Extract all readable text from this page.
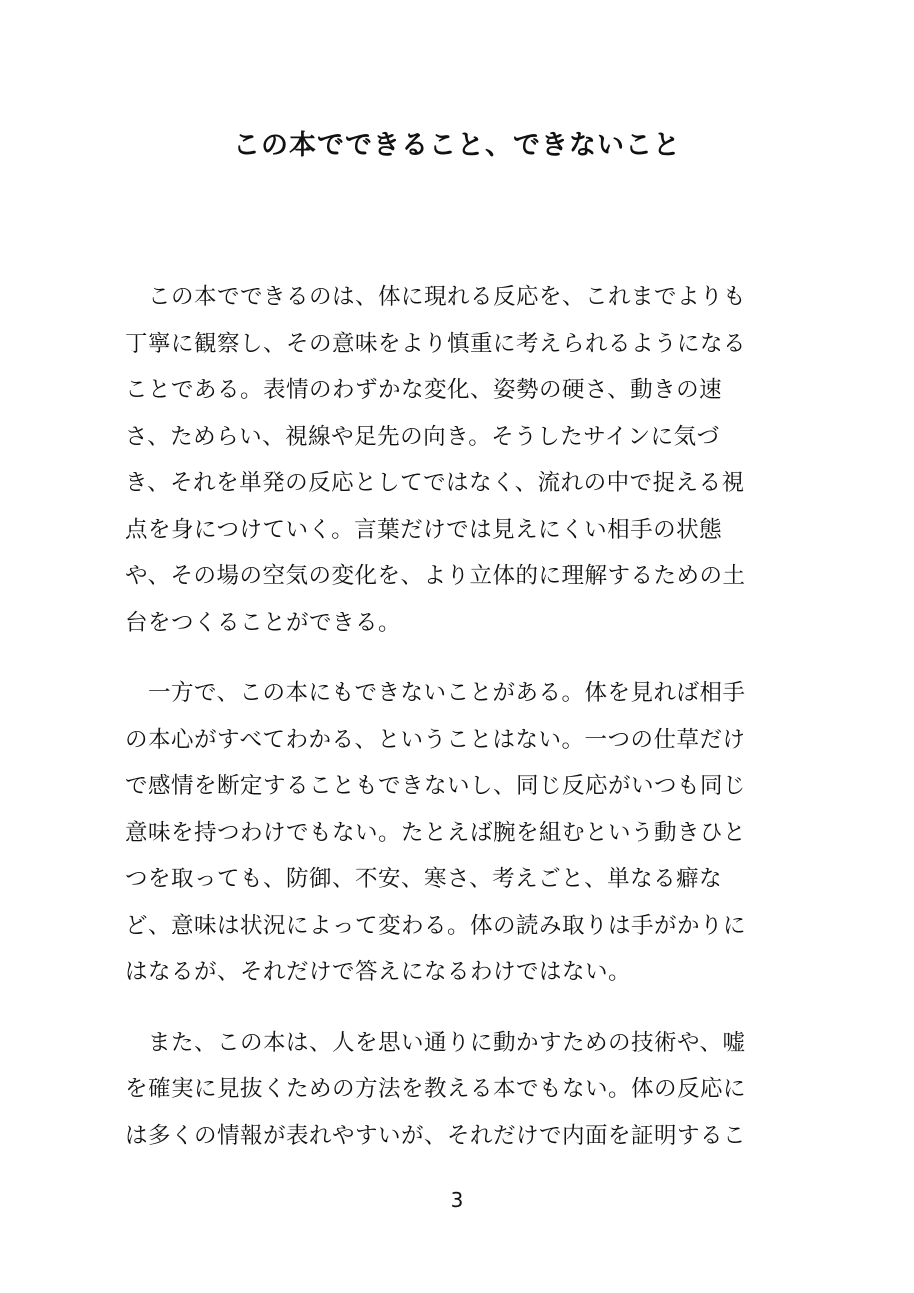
この本でできること、できないこと

　この本でできるのは、体に現れる反応を、これまでよりも
丁寧に観察し、その意味をより慎重に考えられるようになる
ことである。表情のわずかな変化、姿勢の硬さ、動きの速
さ、ためらい、視線や足先の向き。そうしたサインに気づ
き、それを単発の反応としてではなく、流れの中で捉える視
点を身につけていく。言葉だけでは見えにくい相手の状態
や、その場の空気の変化を、より立体的に理解するための土
台をつくることができる。

　一方で、この本にもできないことがある。体を見れば相手
の本心がすべてわかる、ということはない。一つの仕草だけ
で感情を断定することもできないし、同じ反応がいつも同じ
意味を持つわけでもない。たとえば腕を組むという動きひと
つを取っても、防御、不安、寒さ、考えごと、単なる癖な
ど、意味は状況によって変わる。体の読み取りは手がかりに
はなるが、それだけで答えになるわけではない。

　また、この本は、人を思い通りに動かすための技術や、嘘
を確実に見抜くための方法を教える本でもない。体の反応に
は多くの情報が表れやすいが、それだけで内面を証明するこ

3
